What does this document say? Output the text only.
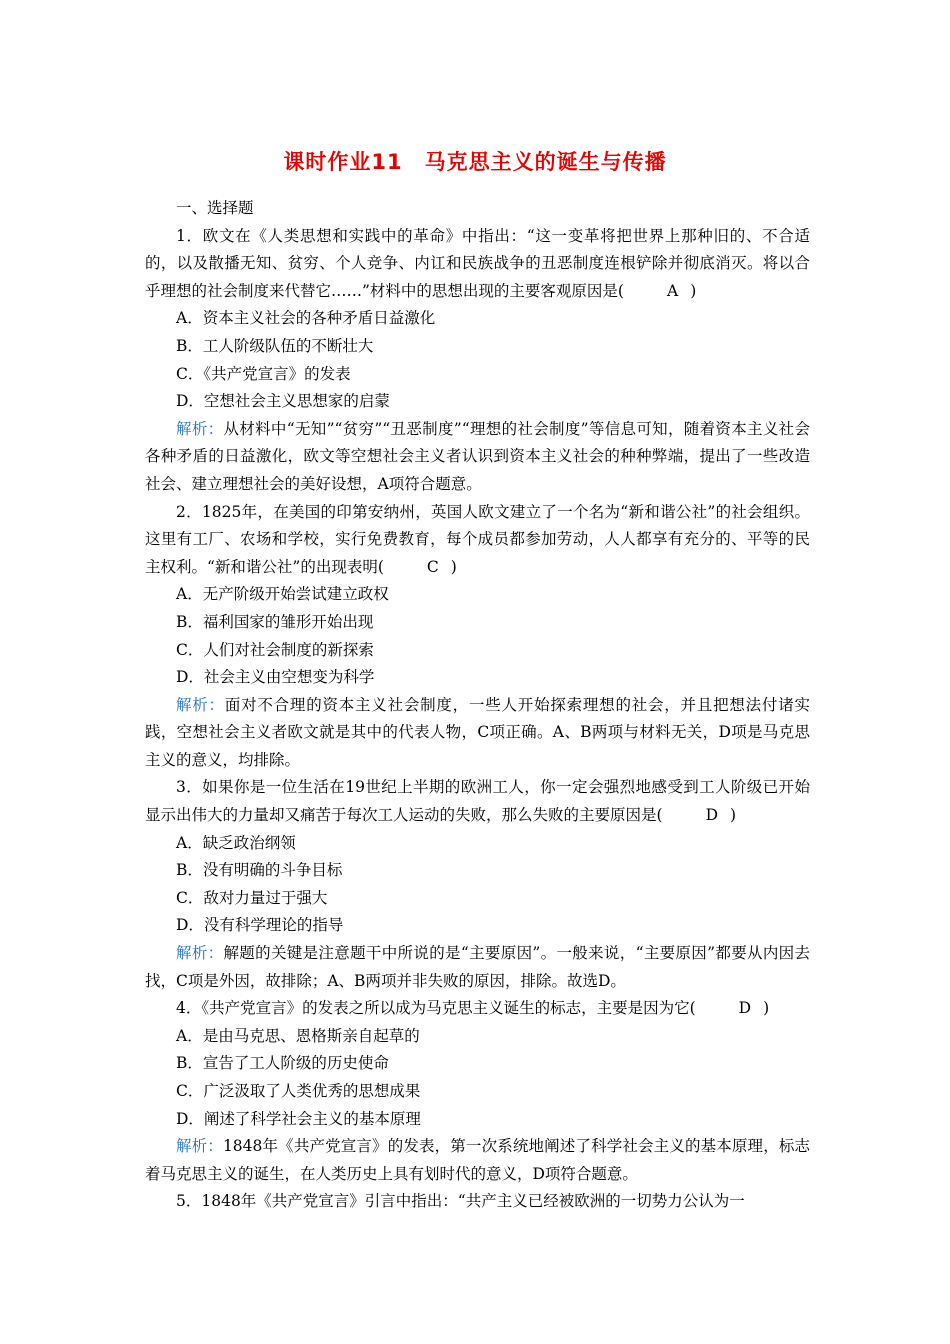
课时作业11　马克思主义的诞生与传播

一、选择题

1．欧文在《人类思想和实践中的革命》中指出：“这一变革将把世界上那种旧的、不合适的，以及散播无知、贫穷、个人竞争、内讧和民族战争的丑恶制度连根铲除并彻底消灭。将以合乎理想的社会制度来代替它……”材料中的思想出现的主要客观原因是(	A )

A．资本主义社会的各种矛盾日益激化

B．工人阶级队伍的不断壮大

C．《共产党宣言》的发表

D．空想社会主义思想家的启蒙

解析：从材料中“无知”“贫穷”“丑恶制度”“理想的社会制度”等信息可知，随着资本主义社会各种矛盾的日益激化，欧文等空想社会主义者认识到资本主义社会的种种弊端，提出了一些改造社会、建立理想社会的美好设想，A项符合题意。

2．1825年，在美国的印第安纳州，英国人欧文建立了一个名为“新和谐公社”的社会组织。这里有工厂、农场和学校，实行免费教育，每个成员都参加劳动，人人都享有充分的、平等的民主权利。“新和谐公社”的出现表明(	C )

A．无产阶级开始尝试建立政权

B．福利国家的雏形开始出现

C．人们对社会制度的新探索

D．社会主义由空想变为科学

解析：面对不合理的资本主义社会制度，一些人开始探索理想的社会，并且把想法付诸实践，空想社会主义者欧文就是其中的代表人物，C项正确。A、B两项与材料无关，D项是马克思主义的意义，均排除。

3．如果你是一位生活在19世纪上半期的欧洲工人，你一定会强烈地感受到工人阶级已开始显示出伟大的力量却又痛苦于每次工人运动的失败，那么失败的主要原因是(	D )

A．缺乏政治纲领

B．没有明确的斗争目标

C．敌对力量过于强大

D．没有科学理论的指导

解析：解题的关键是注意题干中所说的是“主要原因”。一般来说，“主要原因”都要从内因去找，C项是外因，故排除；A、B两项并非失败的原因，排除。故选D。

4．《共产党宣言》的发表之所以成为马克思主义诞生的标志，主要是因为它(	D )

A．是由马克思、恩格斯亲自起草的

B．宣告了工人阶级的历史使命

C．广泛汲取了人类优秀的思想成果

D．阐述了科学社会主义的基本原理

解析：1848年《共产党宣言》的发表，第一次系统地阐述了科学社会主义的基本原理，标志着马克思主义的诞生，在人类历史上具有划时代的意义，D项符合题意。

5．1848年《共产党宣言》引言中指出：“共产主义已经被欧洲的一切势力公认为一
